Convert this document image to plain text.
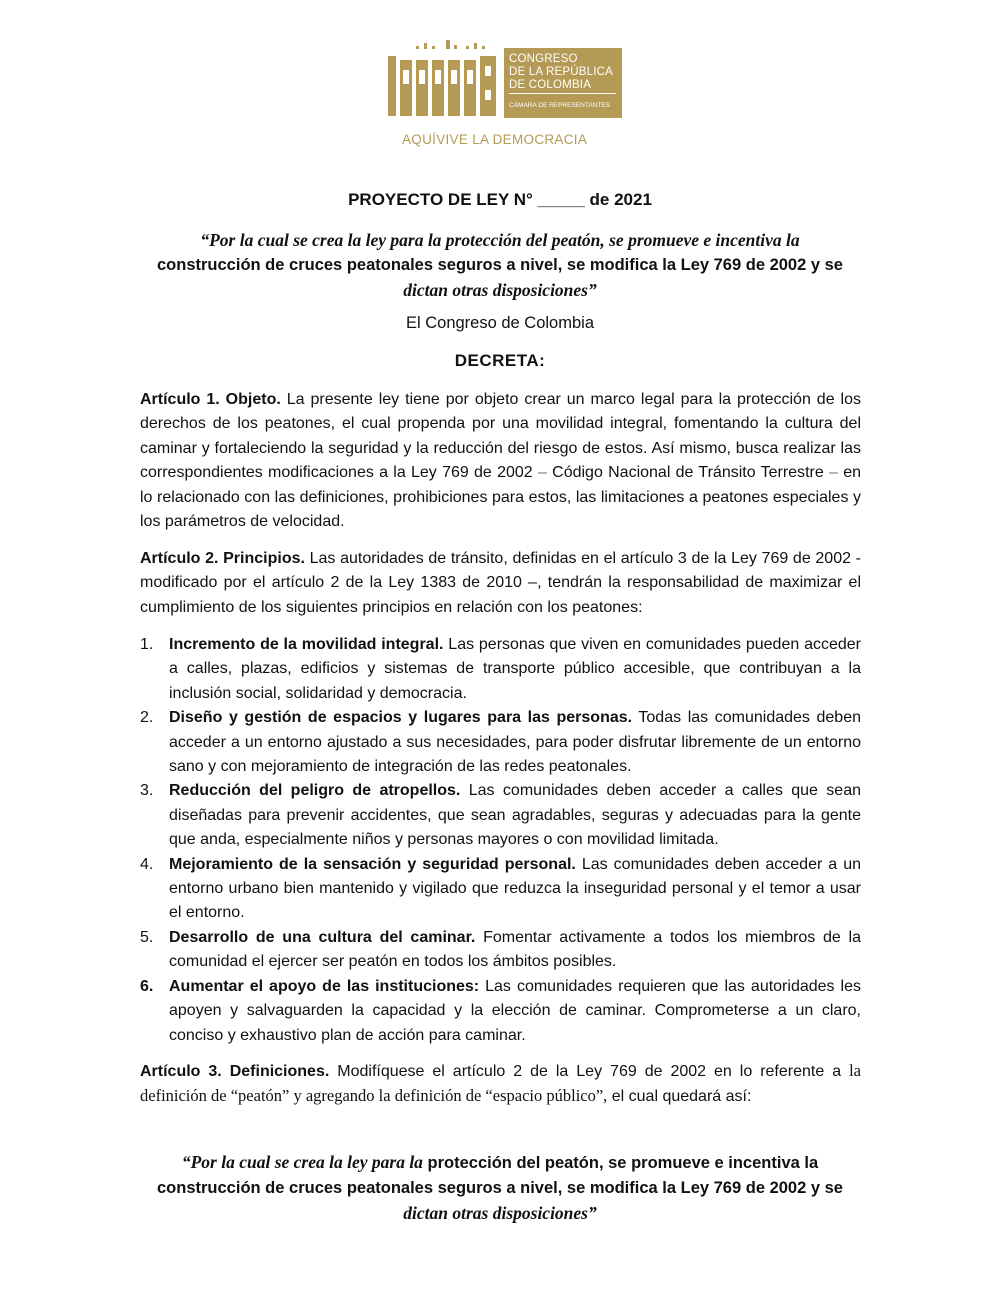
CONGRESO
DE LA REPÚBLICA
DE COLOMBIA
CÁMARA DE REPRESENTANTES
AQUÍVIVE LA DEMOCRACIA
PROYECTO DE LEY N° _____ de 2021
“Por la cual se crea la ley para la protección del peatón, se promueve e incentiva la
construcción de cruces peatonales seguros a nivel, se modifica la Ley 769 de 2002 y se
dictan otras disposiciones”
El Congreso de Colombia
DECRETA:
Artículo 1. Objeto. La presente ley tiene por objeto crear un marco legal para la protección de los derechos de los peatones, el cual propenda por una movilidad integral, fomentando la cultura del caminar y fortaleciendo la seguridad y la reducción del riesgo de estos. Así mismo, busca realizar las correspondientes modificaciones a la Ley 769 de 2002 – Código Nacional de Tránsito Terrestre – en lo relacionado con las definiciones, prohibiciones para estos, las limitaciones a peatones especiales y los parámetros de velocidad.
Artículo 2. Principios. Las autoridades de tránsito, definidas en el artículo 3 de la Ley 769 de 2002 - modificado por el artículo 2 de la Ley 1383 de 2010 –, tendrán la responsabilidad de maximizar el cumplimiento de los siguientes principios en relación con los peatones:
1. Incremento de la movilidad integral. Las personas que viven en comunidades pueden acceder a calles, plazas, edificios y sistemas de transporte público accesible, que contribuyan a la inclusión social, solidaridad y democracia.
2. Diseño y gestión de espacios y lugares para las personas. Todas las comunidades deben acceder a un entorno ajustado a sus necesidades, para poder disfrutar libremente de un entorno sano y con mejoramiento de integración de las redes peatonales.
3. Reducción del peligro de atropellos. Las comunidades deben acceder a calles que sean diseñadas para prevenir accidentes, que sean agradables, seguras y adecuadas para la gente que anda, especialmente niños y personas mayores o con movilidad limitada.
4. Mejoramiento de la sensación y seguridad personal. Las comunidades deben acceder a un entorno urbano bien mantenido y vigilado que reduzca la inseguridad personal y el temor a usar el entorno.
5. Desarrollo de una cultura del caminar. Fomentar activamente a todos los miembros de la comunidad el ejercer ser peatón en todos los ámbitos posibles.
6. Aumentar el apoyo de las instituciones: Las comunidades requieren que las autoridades les apoyen y salvaguarden la capacidad y la elección de caminar. Comprometerse a un claro, conciso y exhaustivo plan de acción para caminar.
Artículo 3. Definiciones. Modifíquese el artículo 2 de la Ley 769 de 2002 en lo referente a la definición de “peatón” y agregando la definición de “espacio público”, el cual quedará así:
“Por la cual se crea la ley para la protección del peatón, se promueve e incentiva la
construcción de cruces peatonales seguros a nivel, se modifica la Ley 769 de 2002 y se
dictan otras disposiciones”
